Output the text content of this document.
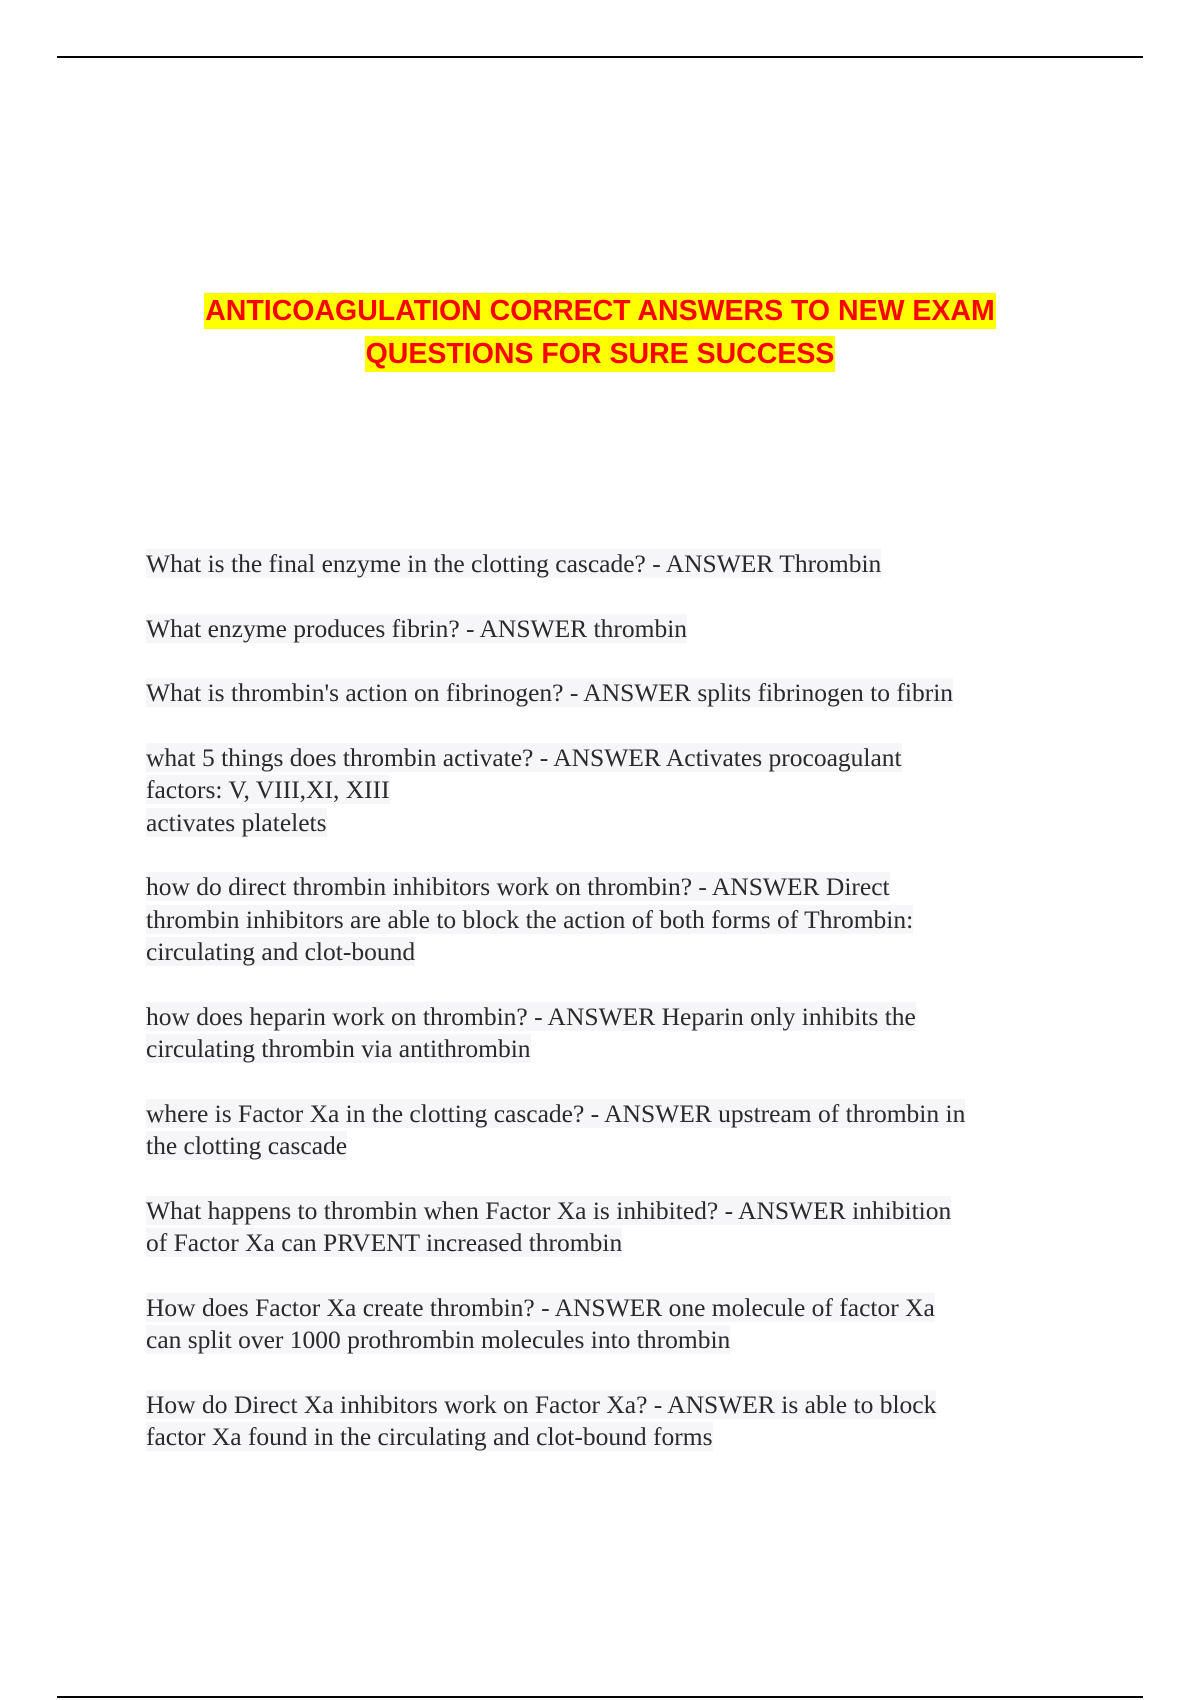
ANTICOAGULATION CORRECT ANSWERS TO NEW EXAM
QUESTIONS FOR SURE SUCCESS
What is the final enzyme in the clotting cascade? - ANSWER Thrombin
What enzyme produces fibrin? - ANSWER thrombin
What is thrombin's action on fibrinogen? - ANSWER splits fibrinogen to fibrin
what 5 things does thrombin activate? - ANSWER Activates procoagulant
factors: V, VIII,XI, XIII
activates platelets
how do direct thrombin inhibitors work on thrombin? - ANSWER Direct
thrombin inhibitors are able to block the action of both forms of Thrombin:
circulating and clot-bound
how does heparin work on thrombin? - ANSWER Heparin only inhibits the
circulating thrombin via antithrombin
where is Factor Xa in the clotting cascade? - ANSWER upstream of thrombin in
the clotting cascade
What happens to thrombin when Factor Xa is inhibited? - ANSWER inhibition
of Factor Xa can PRVENT increased thrombin
How does Factor Xa create thrombin? - ANSWER one molecule of factor Xa
can split over 1000 prothrombin molecules into thrombin
How do Direct Xa inhibitors work on Factor Xa? - ANSWER is able to block
factor Xa found in the circulating and clot-bound forms
